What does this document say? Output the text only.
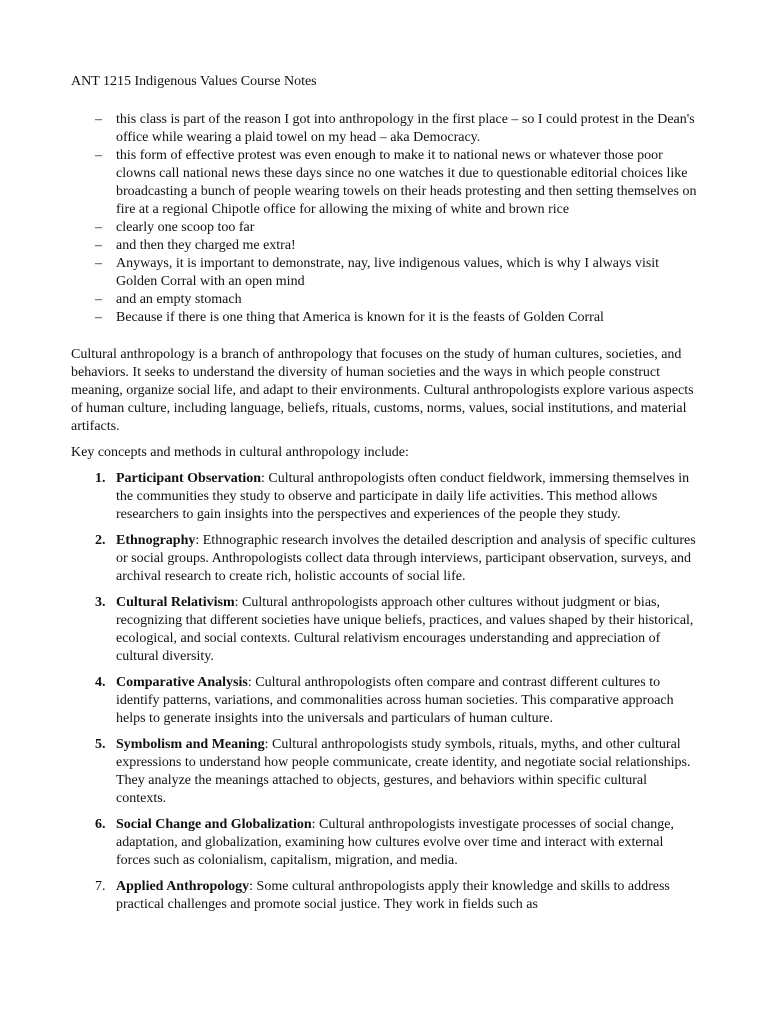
ANT 1215 Indigenous Values Course Notes

– this class is part of the reason I got into anthropology in the first place – so I could protest in the Dean's office while wearing a plaid towel on my head – aka Democracy.
– this form of effective protest was even enough to make it to national news or whatever those poor clowns call national news these days since no one watches it due to questionable editorial choices like broadcasting a bunch of people wearing towels on their heads protesting and then setting themselves on fire at a regional Chipotle office for allowing the mixing of white and brown rice
– clearly one scoop too far
– and then they charged me extra!
– Anyways, it is important to demonstrate, nay, live indigenous values, which is why I always visit Golden Corral with an open mind
– and an empty stomach
– Because if there is one thing that America is known for it is the feasts of Golden Corral

Cultural anthropology is a branch of anthropology that focuses on the study of human cultures, societies, and behaviors. It seeks to understand the diversity of human societies and the ways in which people construct meaning, organize social life, and adapt to their environments. Cultural anthropologists explore various aspects of human culture, including language, beliefs, rituals, customs, norms, values, social institutions, and material artifacts.

Key concepts and methods in cultural anthropology include:

1. Participant Observation: Cultural anthropologists often conduct fieldwork, immersing themselves in the communities they study to observe and participate in daily life activities. This method allows researchers to gain insights into the perspectives and experiences of the people they study.
2. Ethnography: Ethnographic research involves the detailed description and analysis of specific cultures or social groups. Anthropologists collect data through interviews, participant observation, surveys, and archival research to create rich, holistic accounts of social life.
3. Cultural Relativism: Cultural anthropologists approach other cultures without judgment or bias, recognizing that different societies have unique beliefs, practices, and values shaped by their historical, ecological, and social contexts. Cultural relativism encourages understanding and appreciation of cultural diversity.
4. Comparative Analysis: Cultural anthropologists often compare and contrast different cultures to identify patterns, variations, and commonalities across human societies. This comparative approach helps to generate insights into the universals and particulars of human culture.
5. Symbolism and Meaning: Cultural anthropologists study symbols, rituals, myths, and other cultural expressions to understand how people communicate, create identity, and negotiate social relationships. They analyze the meanings attached to objects, gestures, and behaviors within specific cultural contexts.
6. Social Change and Globalization: Cultural anthropologists investigate processes of social change, adaptation, and globalization, examining how cultures evolve over time and interact with external forces such as colonialism, capitalism, migration, and media.
7. Applied Anthropology: Some cultural anthropologists apply their knowledge and skills to address practical challenges and promote social justice. They work in fields such as
